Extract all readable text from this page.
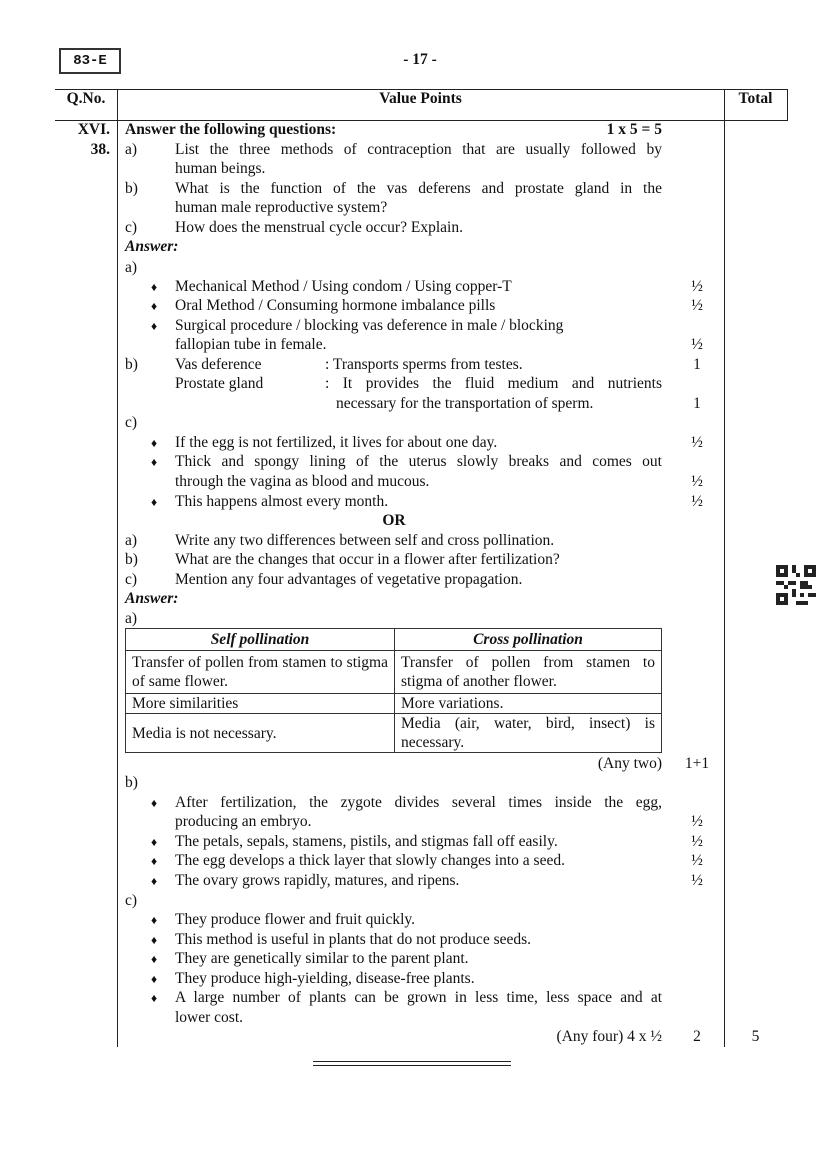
83-E	- 17 -
Q.No.	Value Points	Total
XVI.
38.
Answer the following questions:	1 x 5 = 5
a) List the three methods of contraception that are usually followed by
human beings.
b) What is the function of the vas deferens and prostate gland in the
human male reproductive system?
c) How does the menstrual cycle occur? Explain.
Answer:
a)
♦ Mechanical Method / Using condom / Using copper-T	½
♦ Oral Method / Consuming hormone imbalance pills	½
♦ Surgical procedure / blocking vas deference in male / blocking
fallopian tube in female.	½
b) Vas deference	: Transports sperms from testes.	1
Prostate gland	: It provides the fluid medium and nutrients
necessary for the transportation of sperm.	1
c)
♦ If the egg is not fertilized, it lives for about one day.	½
♦ Thick and spongy lining of the uterus slowly breaks and comes out
through the vagina as blood and mucous.	½
♦ This happens almost every month.	½
OR
a) Write any two differences between self and cross pollination.
b) What are the changes that occur in a flower after fertilization?
c) Mention any four advantages of vegetative propagation.
Answer:
a)
Self pollination	Cross pollination
Transfer of pollen from stamen to stigma of same flower.	Transfer of pollen from stamen to stigma of another flower.
More similarities	More variations.
Media is not necessary.	Media (air, water, bird, insect) is necessary.
(Any two)	1+1
b)
♦ After fertilization, the zygote divides several times inside the egg,
producing an embryo.	½
♦ The petals, sepals, stamens, pistils, and stigmas fall off easily.	½
♦ The egg develops a thick layer that slowly changes into a seed.	½
♦ The ovary grows rapidly, matures, and ripens.	½
c)
♦ They produce flower and fruit quickly.
♦ This method is useful in plants that do not produce seeds.
♦ They are genetically similar to the parent plant.
♦ They produce high-yielding, disease-free plants.
♦ A large number of plants can be grown in less time, less space and at
lower cost.
(Any four) 4 x ½	2	5
